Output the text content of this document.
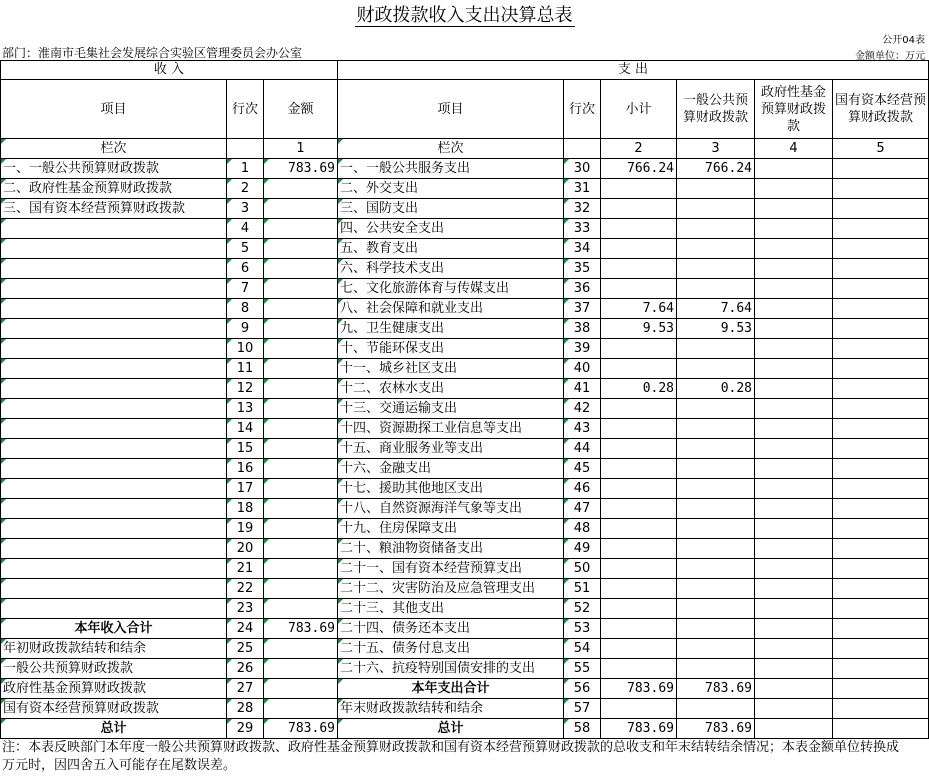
财政拨款收入支出决算总表
公开04表
部门：淮南市毛集社会发展综合实验区管理委员会办公室	金额单位：万元
收 入			支 出					
项目	行次	金额	项目	行次	小计	一般公共预算财政拨款	政府性基金预算财政拨款	国有资本经营预算财政拨款
栏次		1	栏次		2	3	4	5
一、一般公共预算财政拨款	1	783.69	一、一般公共服务支出	30	766.24	766.24		
二、政府性基金预算财政拨款	2		二、外交支出	31				
三、国有资本经营预算财政拨款	3		三、国防支出	32				
	4		四、公共安全支出	33				
	5		五、教育支出	34				
	6		六、科学技术支出	35				
	7		七、文化旅游体育与传媒支出	36				
	8		八、社会保障和就业支出	37	7.64	7.64		
	9		九、卫生健康支出	38	9.53	9.53		
	10		十、节能环保支出	39				
	11		十一、城乡社区支出	40				
	12		十二、农林水支出	41	0.28	0.28		
	13		十三、交通运输支出	42				
	14		十四、资源勘探工业信息等支出	43				
	15		十五、商业服务业等支出	44				
	16		十六、金融支出	45				
	17		十七、援助其他地区支出	46				
	18		十八、自然资源海洋气象等支出	47				
	19		十九、住房保障支出	48				
	20		二十、粮油物资储备支出	49				
	21		二十一、国有资本经营预算支出	50				
	22		二十二、灾害防治及应急管理支出	51				
	23		二十三、其他支出	52				
本年收入合计	24	783.69	二十四、债务还本支出	53				
年初财政拨款结转和结余	25		二十五、债务付息支出	54				
一般公共预算财政拨款	26		二十六、抗疫特别国债安排的支出	55				
政府性基金预算财政拨款	27		本年支出合计	56	783.69	783.69		
国有资本经营预算财政拨款	28		年末财政拨款结转和结余	57				
总计	29	783.69	总计	58	783.69	783.69		
注：本表反映部门本年度一般公共预算财政拨款、政府性基金预算财政拨款和国有资本经营预算财政拨款的总收支和年末结转结余情况；本表金额单位转换成万元时，因四舍五入可能存在尾数误差。
